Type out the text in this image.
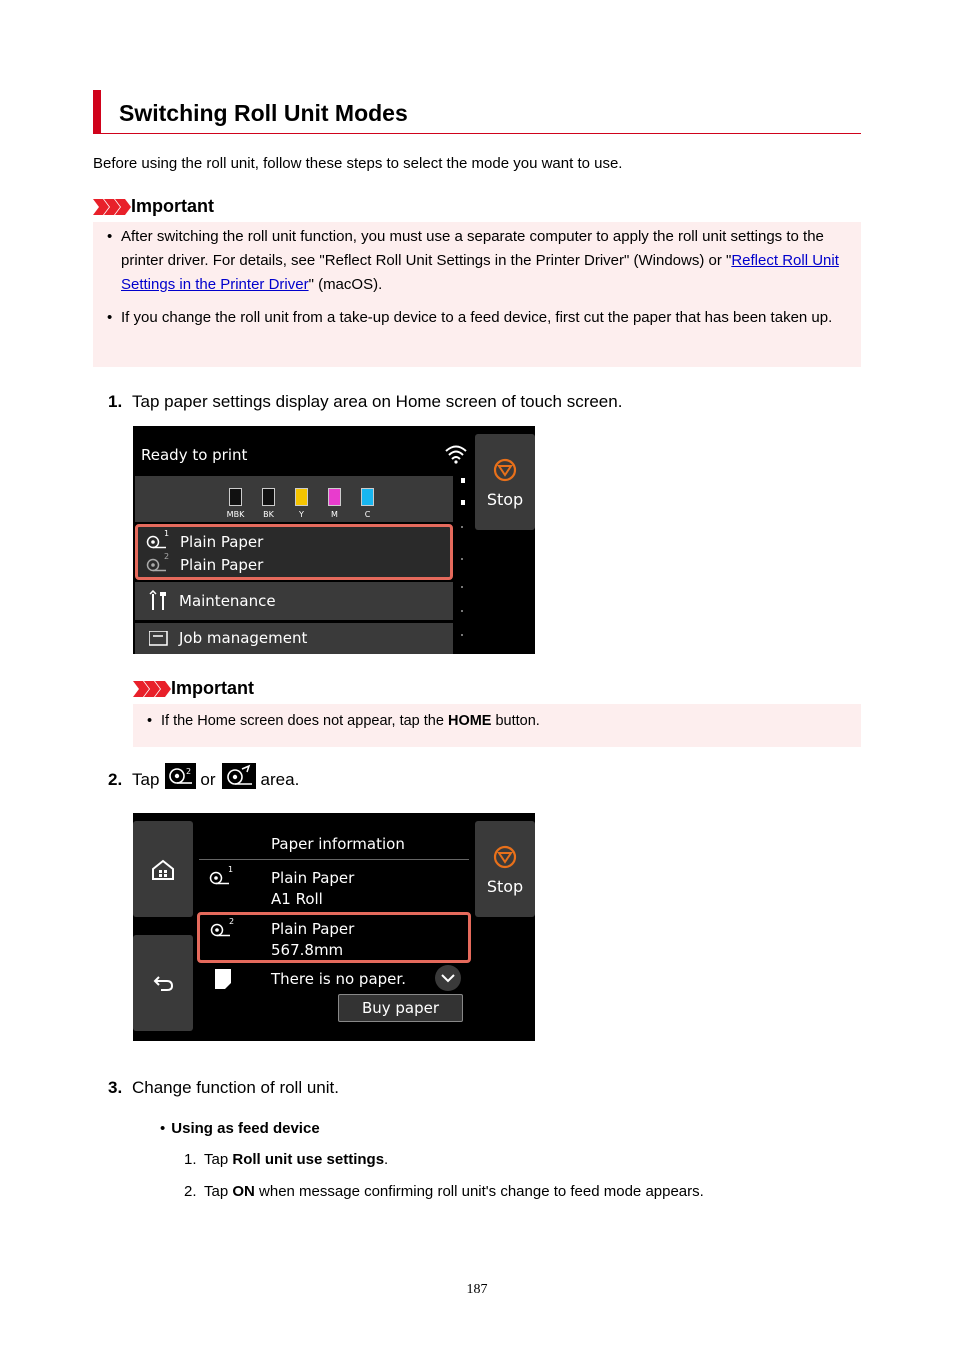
Switching Roll Unit Modes
Before using the roll unit, follow these steps to select the mode you want to use.
Important
• After switching the roll unit function, you must use a separate computer to apply the roll unit settings to the printer driver. For details, see "Reflect Roll Unit Settings in the Printer Driver" (Windows) or "Reflect Roll Unit Settings in the Printer Driver" (macOS).
• If you change the roll unit from a take-up device to a feed device, first cut the paper that has been taken up.
1. Tap paper settings display area on Home screen of touch screen.
Ready to print
Stop
MBK	BK	Y	M	C
1 Plain Paper
2 Plain Paper
Maintenance
Job management
Important
• If the Home screen does not appear, tap the HOME button.
2. Tap	2 or	area.
Paper information
1	Plain Paper
A1 Roll
2 Plain Paper
567.8mm
There is no paper.
Buy paper
Stop
3. Change function of roll unit.
• Using as feed device
1. Tap Roll unit use settings.
2. Tap ON when message confirming roll unit's change to feed mode appears.
187
